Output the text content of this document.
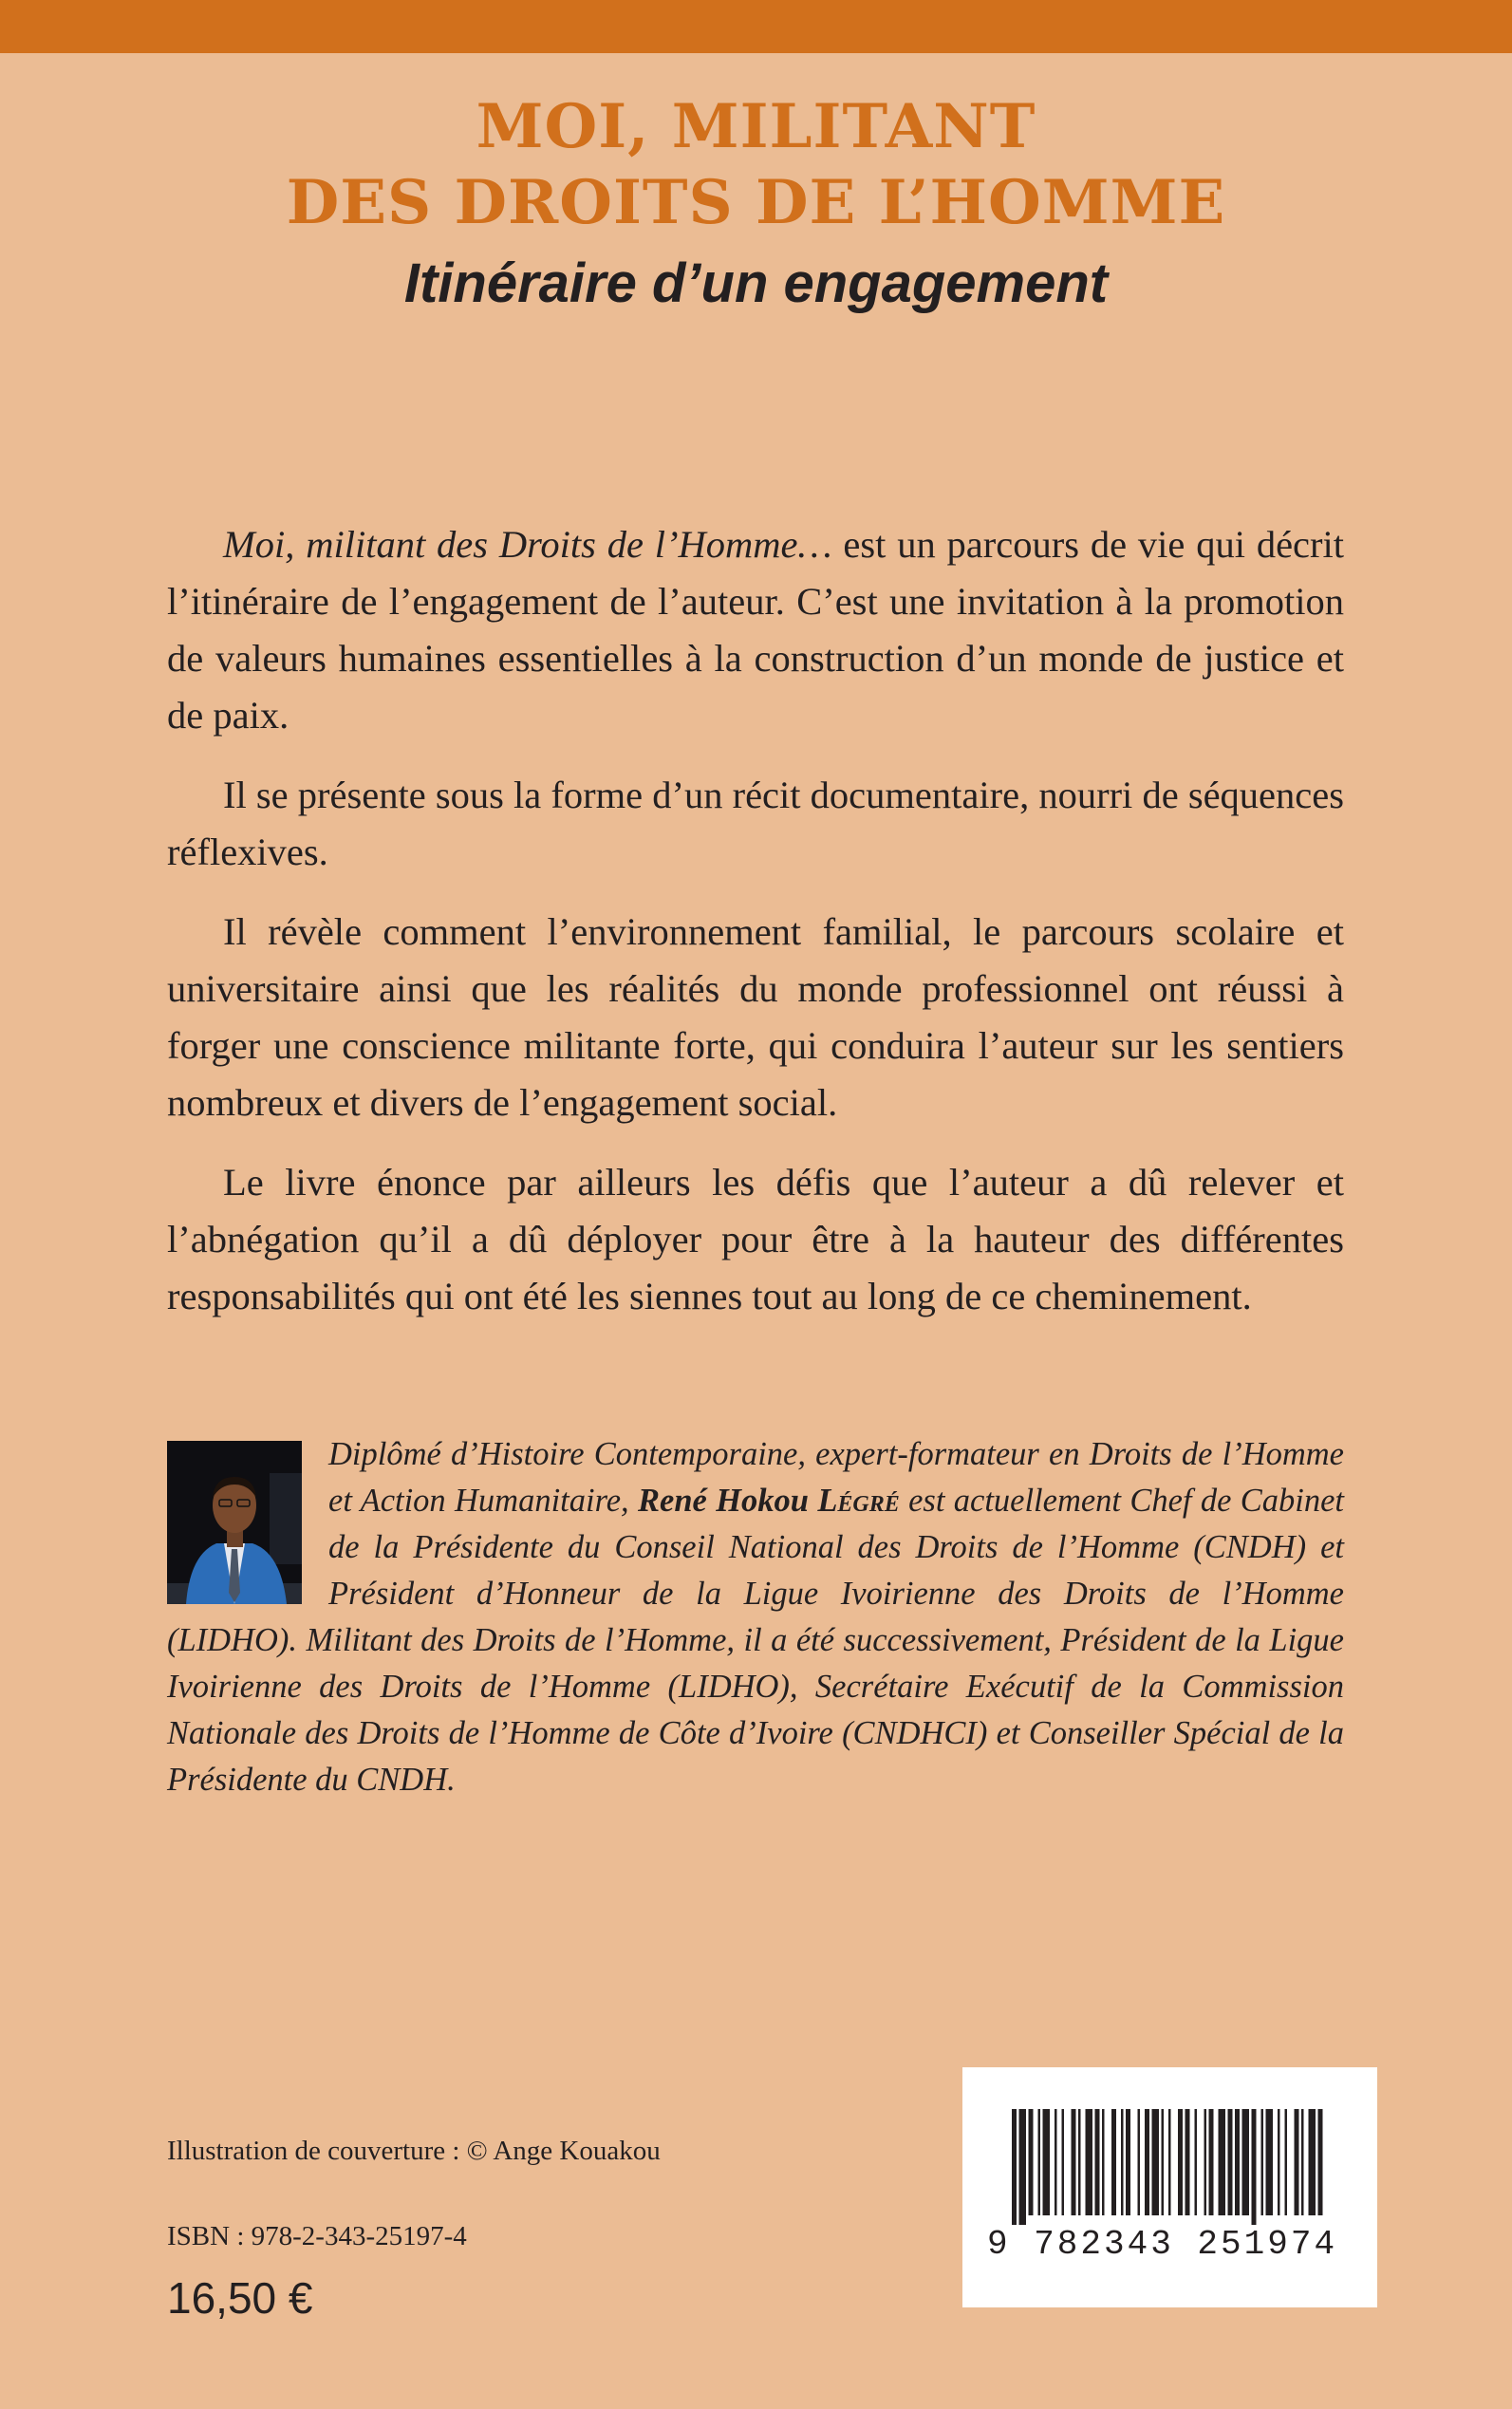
MOI, MILITANT
DES DROITS DE L’HOMME
Itinéraire d’un engagement

Moi, militant des Droits de l’Homme… est un parcours de vie qui décrit l’itinéraire de l’engagement de l’auteur. C’est une invitation à la promotion de valeurs humaines essentielles à la construction d’un monde de justice et de paix.

Il se présente sous la forme d’un récit documentaire, nourri de séquences réflexives.

Il révèle comment l’environnement familial, le parcours scolaire et universitaire ainsi que les réalités du monde professionnel ont réussi à forger une conscience militante forte, qui conduira l’auteur sur les sentiers nombreux et divers de l’engagement social.

Le livre énonce par ailleurs les défis que l’auteur a dû relever et l’abnégation qu’il a dû déployer pour être à la hauteur des différentes responsabilités qui ont été les siennes tout au long de ce cheminement.

Diplômé d’Histoire Contemporaine, expert-formateur en Droits de l’Homme et Action Humanitaire, René Hokou Légré est actuellement Chef de Cabinet de la Présidente du Conseil National des Droits de l’Homme (CNDH) et Président d’Honneur de la Ligue Ivoirienne des Droits de l’Homme (LIDHO). Militant des Droits de l’Homme, il a été successivement, Président de la Ligue Ivoirienne des Droits de l’Homme (LIDHO), Secrétaire Exécutif de la Commission Nationale des Droits de l’Homme de Côte d’Ivoire (CNDHCI) et Conseiller Spécial de la Présidente du CNDH.

Illustration de couverture : © Ange Kouakou

ISBN : 978-2-343-25197-4

16,50 €

9 782343 251974
